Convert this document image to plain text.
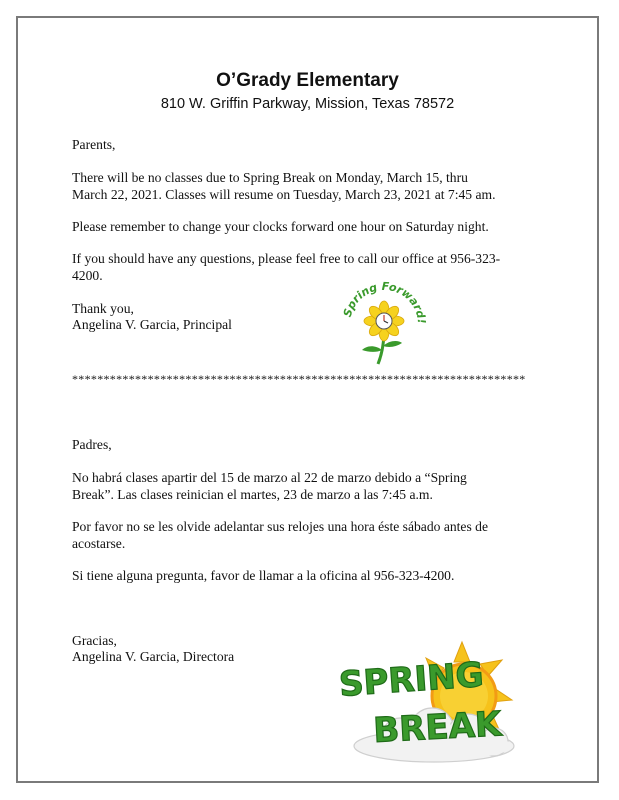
O’Grady Elementary
810 W. Griffin Parkway, Mission, Texas 78572
Parents,
There will be no classes due to Spring Break on Monday, March 15, thru
March 22, 2021. Classes will resume on Tuesday, March 23, 2021 at 7:45 am.
Please remember to change your clocks forward one hour on Saturday night.
If you should have any questions, please feel free to call our office at 956-323-
4200.
Thank you,
Angelina V. Garcia, Principal
Spring Forward!
************************************************************************
Padres,
No habrá clases apartir del 15 de marzo al 22 de marzo debido a “Spring
Break”. Las clases reinician el martes, 23 de marzo a las 7:45 a.m.
Por favor no se les olvide adelantar sus relojes una hora éste sábado antes de
acostarse.
Si tiene alguna pregunta, favor de llamar a la oficina al 956-323-4200.
Gracias,
Angelina V. Garcia, Directora	SPRING
BREAK
